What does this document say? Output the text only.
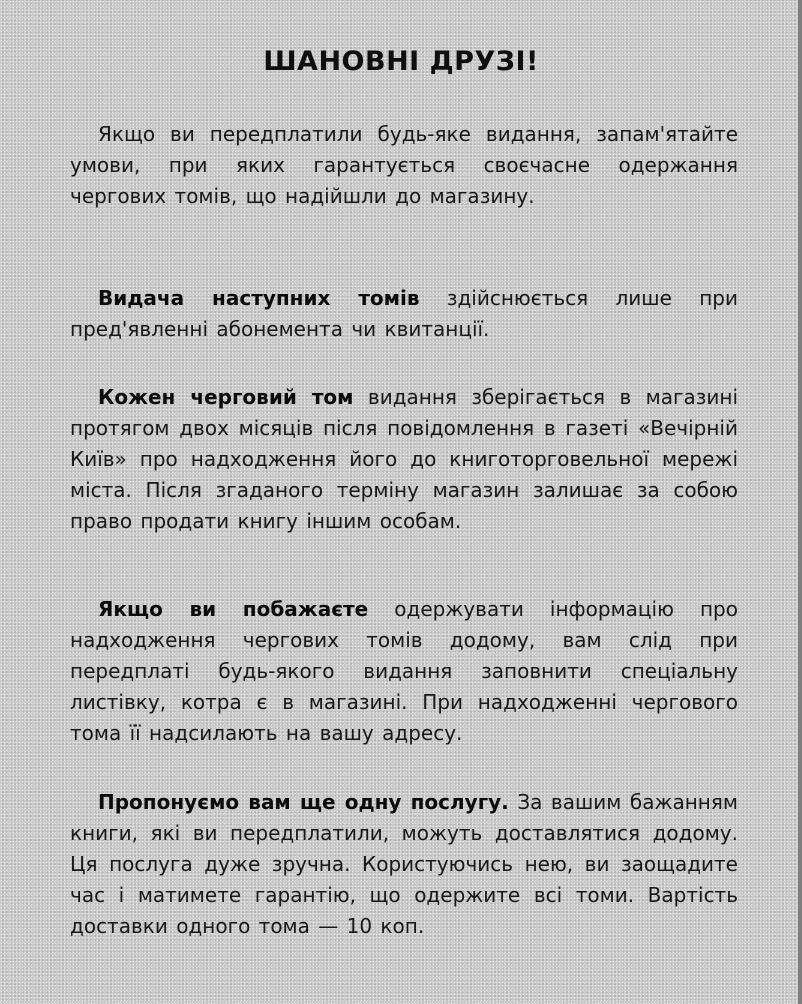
ШАНОВНІ ДРУЗІ!
Якщо ви передплатили будь-яке видання, запам'ятайте умови, при яких гарантується своєчасне одержання чергових томів, що надійшли до магазину.
Видача наступних томів здійснюється лише при пред'явленні абонемента чи квитанції.
Кожен черговий том видання зберігається в магазині протягом двох місяців після повідомлення в газеті «Вечірній Київ» про надходження його до книготорговельної мережі міста. Після згаданого терміну магазин залишає за собою право продати книгу іншим особам.
Якщо ви побажаєте одержувати інформацію про надходження чергових томів додому, вам слід при передплаті будь-якого видання заповнити спеціальну листівку, котра є в магазині. При надходженні чергового тома її надсилають на вашу адресу.
Пропонуємо вам ще одну послугу. За вашим бажанням книги, які ви передплатили, можуть доставлятися додому. Ця послуга дуже зручна. Користуючись нею, ви заощадите час і матимете гарантію, що одержите всі томи. Вартість доставки одного тома — 10 коп.
